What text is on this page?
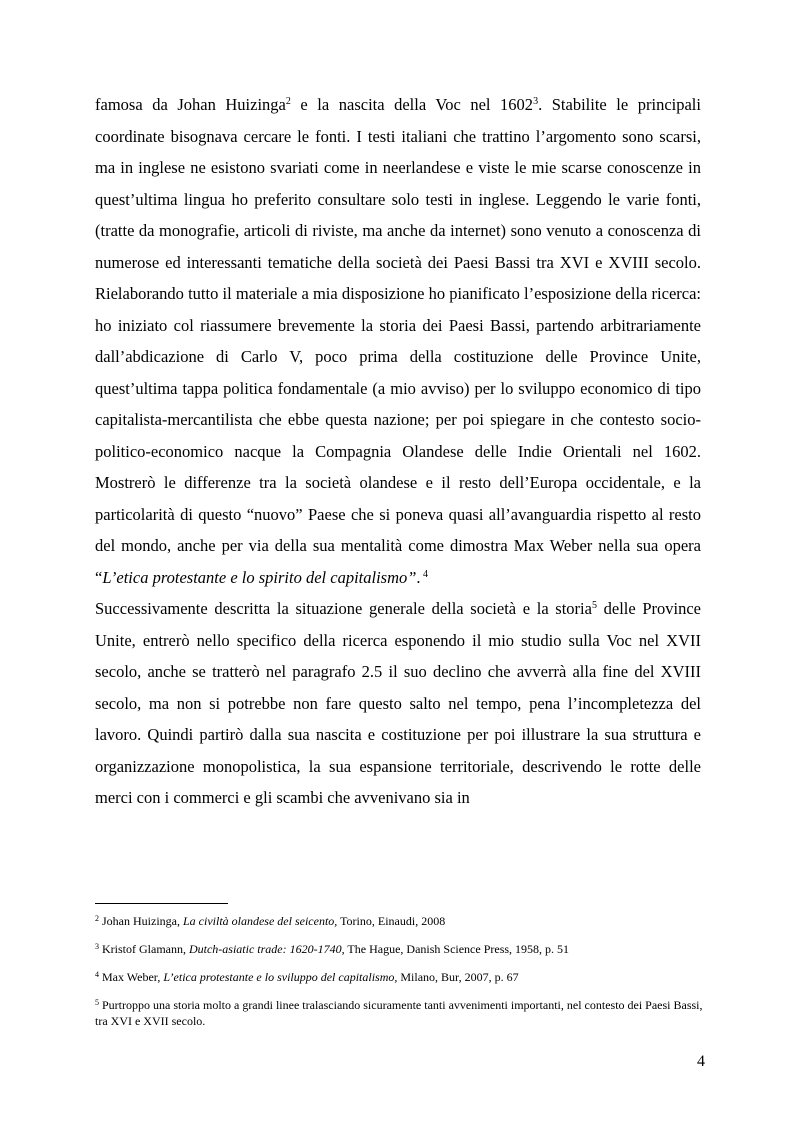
famosa da Johan Huizinga$^2$ e la nascita della Voc nel 1602$^3$. Stabilite le principali coordinate bisognava cercare le fonti. I testi italiani che trattino l’argomento sono scarsi, ma in inglese ne esistono svariati come in neerlandese e viste le mie scarse conoscenze in quest’ultima lingua ho preferito consultare solo testi in inglese. Leggendo le varie fonti, (tratte da monografie, articoli di riviste, ma anche da internet) sono venuto a conoscenza di numerose ed interessanti tematiche della società dei Paesi Bassi tra XVI e XVIII secolo. Rielaborando tutto il materiale a mia disposizione ho pianificato l’esposizione della ricerca: ho iniziato col riassumere brevemente la storia dei Paesi Bassi, partendo arbitrariamente dall’abdicazione di Carlo V, poco prima della costituzione delle Province Unite, quest’ultima tappa politica fondamentale (a mio avviso) per lo sviluppo economico di tipo capitalista-mercantilista che ebbe questa nazione; per poi spiegare in che contesto socio-politico-economico nacque la Compagnia Olandese delle Indie Orientali nel 1602. Mostrerò le differenze tra la società olandese e il resto dell’Europa occidentale, e la particolarità di questo “nuovo” Paese che si poneva quasi all’avanguardia rispetto al resto del mondo, anche per via della sua mentalità come dimostra Max Weber nella sua opera “L’etica protestante e lo spirito del capitalismo”. $^4$

Successivamente descritta la situazione generale della società e la storia$^5$ delle Province Unite, entrerò nello specifico della ricerca esponendo il mio studio sulla Voc nel XVII secolo, anche se tratterò nel paragrafo 2.5 il suo declino che avverrà alla fine del XVIII secolo, ma non si potrebbe non fare questo salto nel tempo, pena l’incompletezza del lavoro. Quindi partirò dalla sua nascita e costituzione per poi illustrare la sua struttura e organizzazione monopolistica, la sua espansione territoriale, descrivendo le rotte delle merci con i commerci e gli scambi che avvenivano sia in

$^2$ Johan Huizinga, La civiltà olandese del seicento, Torino, Einaudi, 2008

$^3$ Kristof Glamann, Dutch-asiatic trade: 1620-1740, The Hague, Danish Science Press, 1958, p. 51

$^4$ Max Weber, L’etica protestante e lo sviluppo del capitalismo, Milano, Bur, 2007, p. 67

$^5$ Purtroppo una storia molto a grandi linee tralasciando sicuramente tanti avvenimenti importanti, nel contesto dei Paesi Bassi, tra XVI e XVII secolo.

4
